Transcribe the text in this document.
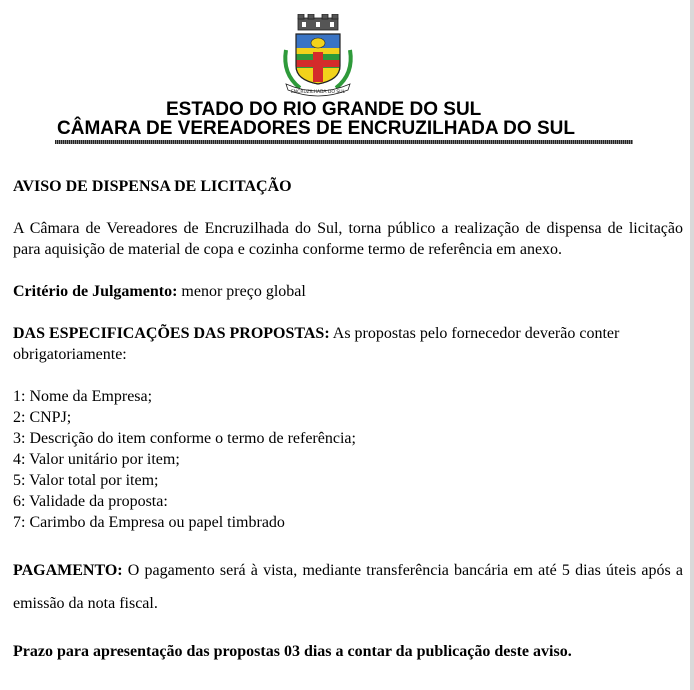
ENCRUZILHADA DO SUL
ESTADO DO RIO GRANDE DO SUL
CÂMARA DE VEREADORES DE ENCRUZILHADA DO SUL

AVISO DE DISPENSA DE LICITAÇÃO

A Câmara de Vereadores de Encruzilhada do Sul, torna público a realização de dispensa de licitação para aquisição de material de copa e cozinha conforme termo de referência em anexo.

Critério de Julgamento: menor preço global

DAS ESPECIFICAÇÕES DAS PROPOSTAS: As propostas pelo fornecedor deverão conter obrigatoriamente:

1: Nome da Empresa;

2: CNPJ;

3: Descrição do item conforme o termo de referência;

4: Valor unitário por item;

5: Valor total por item;

6: Validade da proposta:

7: Carimbo da Empresa ou papel timbrado

PAGAMENTO: O pagamento será à vista, mediante transferência bancária em até 5 dias úteis após a emissão da nota fiscal.

Prazo para apresentação das propostas 03 dias a contar da publicação deste aviso.
